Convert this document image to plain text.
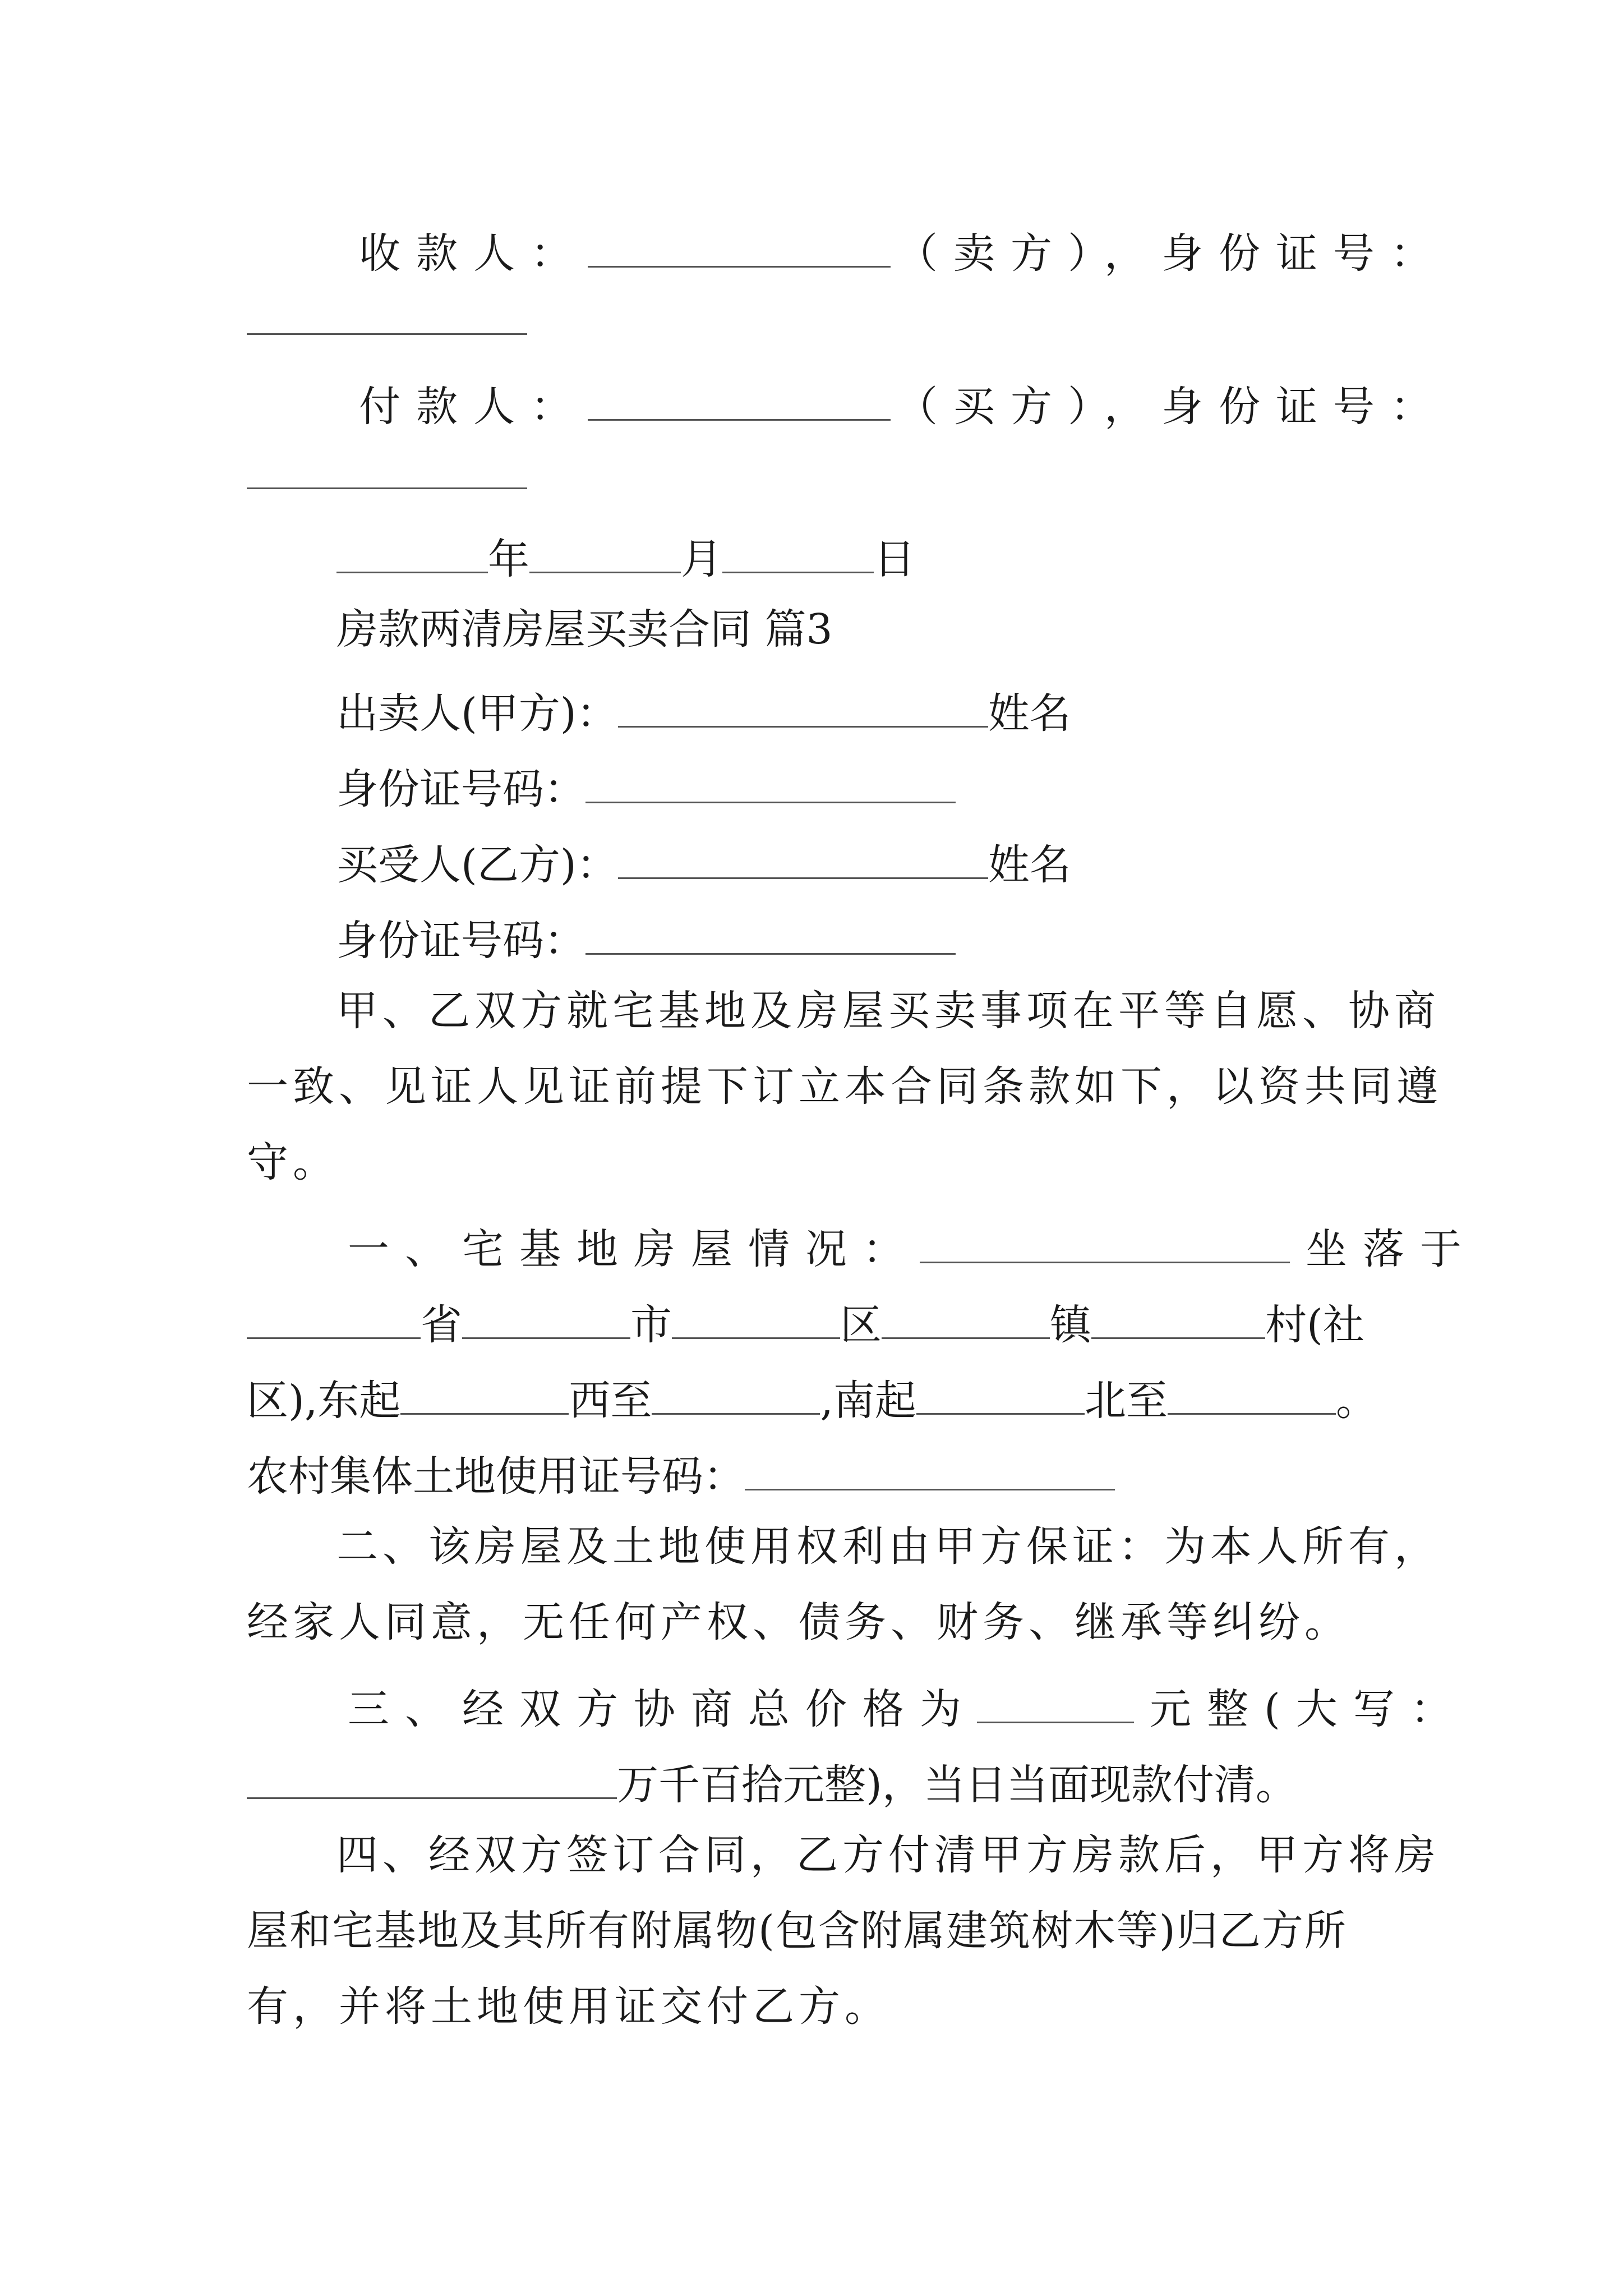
收款人：	（卖方），身份证号：
付款人：	（买方），身份证号：
年	月	日
房款两清房屋买卖合同 篇3
出卖人(甲方)：	姓名
身份证号码：
买受人(乙方)：	姓名
身份证号码：
甲、乙双方就宅基地及房屋买卖事项在平等自愿、协商
一致、见证人见证前提下订立本合同条款如下，以资共同遵
守。
一、宅基地房屋情况：	坐落于
省	市	区	镇	村(社
区),东起	西至	,南起	北至	。
农村集体土地使用证号码：
二、该房屋及土地使用权利由甲方保证：为本人所有，
经家人同意，无任何产权、债务、财务、继承等纠纷。
三、经双方协商总价格为	元整(大写：
万千百拾元整)，当日当面现款付清。
四、经双方签订合同，乙方付清甲方房款后，甲方将房
屋和宅基地及其所有附属物(包含附属建筑树木等)归乙方所
有，并将土地使用证交付乙方。
